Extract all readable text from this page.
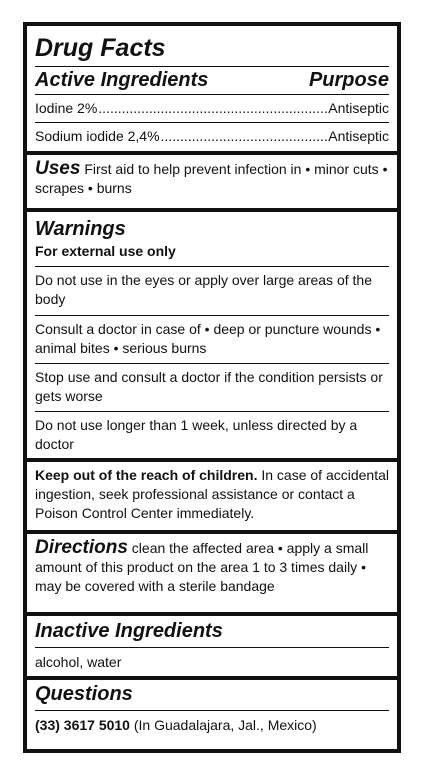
Drug Facts
Active Ingredients	Purpose
Iodine 2% .....	Antiseptic
Sodium iodide 2,4% .....	Antiseptic
Uses First aid to help prevent infection in • minor cuts • scrapes • burns
Warnings
For external use only
Do not use in the eyes or apply over large areas of the body
Consult a doctor in case of • deep or puncture wounds • animal bites • serious burns
Stop use and consult a doctor if the condition persists or gets worse
Do not use longer than 1 week, unless directed by a doctor
Keep out of the reach of children. In case of accidental ingestion, seek professional assistance or contact a Poison Control Center immediately.
Directions clean the affected area • apply a small amount of this product on the area 1 to 3 times daily • may be covered with a sterile bandage
Inactive Ingredients
alcohol, water
Questions
(33) 3617 5010 (In Guadalajara, Jal., Mexico)
